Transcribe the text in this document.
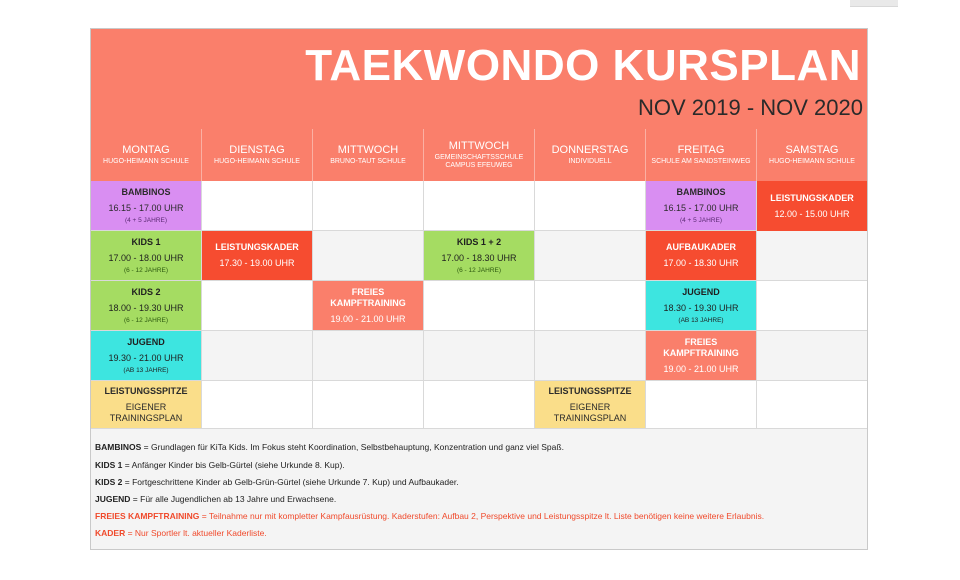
TAEKWONDO KURSPLAN
NOV 2019 - NOV 2020
MONTAG
HUGO-HEIMANN SCHULE
DIENSTAG
HUGO-HEIMANN SCHULE
MITTWOCH
BRUNO-TAUT SCHULE
MITTWOCH
GEMEINSCHAFTSSCHULE CAMPUS EFEUWEG
DONNERSTAG
INDIVIDUELL
FREITAG
SCHULE AM SANDSTEINWEG
SAMSTAG
HUGO-HEIMANN SCHULE
BAMBINOS
16.15 - 17.00 UHR
(4 + 5 JAHRE)
BAMBINOS
16.15 - 17.00 UHR
(4 + 5 JAHRE)
LEISTUNGSKADER
12.00 - 15.00 UHR
KIDS 1
17.00 - 18.00 UHR
(6 - 12 JAHRE)
LEISTUNGSKADER
17.30 - 19.00 UHR
KIDS 1 + 2
17.00 - 18.30 UHR
(6 - 12 JAHRE)
AUFBAUKADER
17.00 - 18.30 UHR
KIDS 2
18.00 - 19.30 UHR
(6 - 12 JAHRE)
FREIES KAMPFTRAINING
19.00 - 21.00 UHR
JUGEND
18.30 - 19.30 UHR
(AB 13 JAHRE)
JUGEND
19.30 - 21.00 UHR
(AB 13 JAHRE)
FREIES KAMPFTRAINING
19.00 - 21.00 UHR
LEISTUNGSSPITZE
EIGENER TRAININGSPLAN
LEISTUNGSSPITZE
EIGENER TRAININGSPLAN
BAMBINOS = Grundlagen für KiTa Kids. Im Fokus steht Koordination, Selbstbehauptung, Konzentration und ganz viel Spaß.
KIDS 1 = Anfänger Kinder bis Gelb-Gürtel (siehe Urkunde 8. Kup).
KIDS 2 = Fortgeschrittene Kinder ab Gelb-Grün-Gürtel (siehe Urkunde 7. Kup) und Aufbaukader.
JUGEND = Für alle Jugendlichen ab 13 Jahre und Erwachsene.
FREIES KAMPFTRAINING = Teilnahme nur mit kompletter Kampfausrüstung. Kaderstufen: Aufbau 2, Perspektive und Leistungsspitze lt. Liste benötigen keine weitere Erlaubnis.
KADER = Nur Sportler lt. aktueller Kaderliste.
